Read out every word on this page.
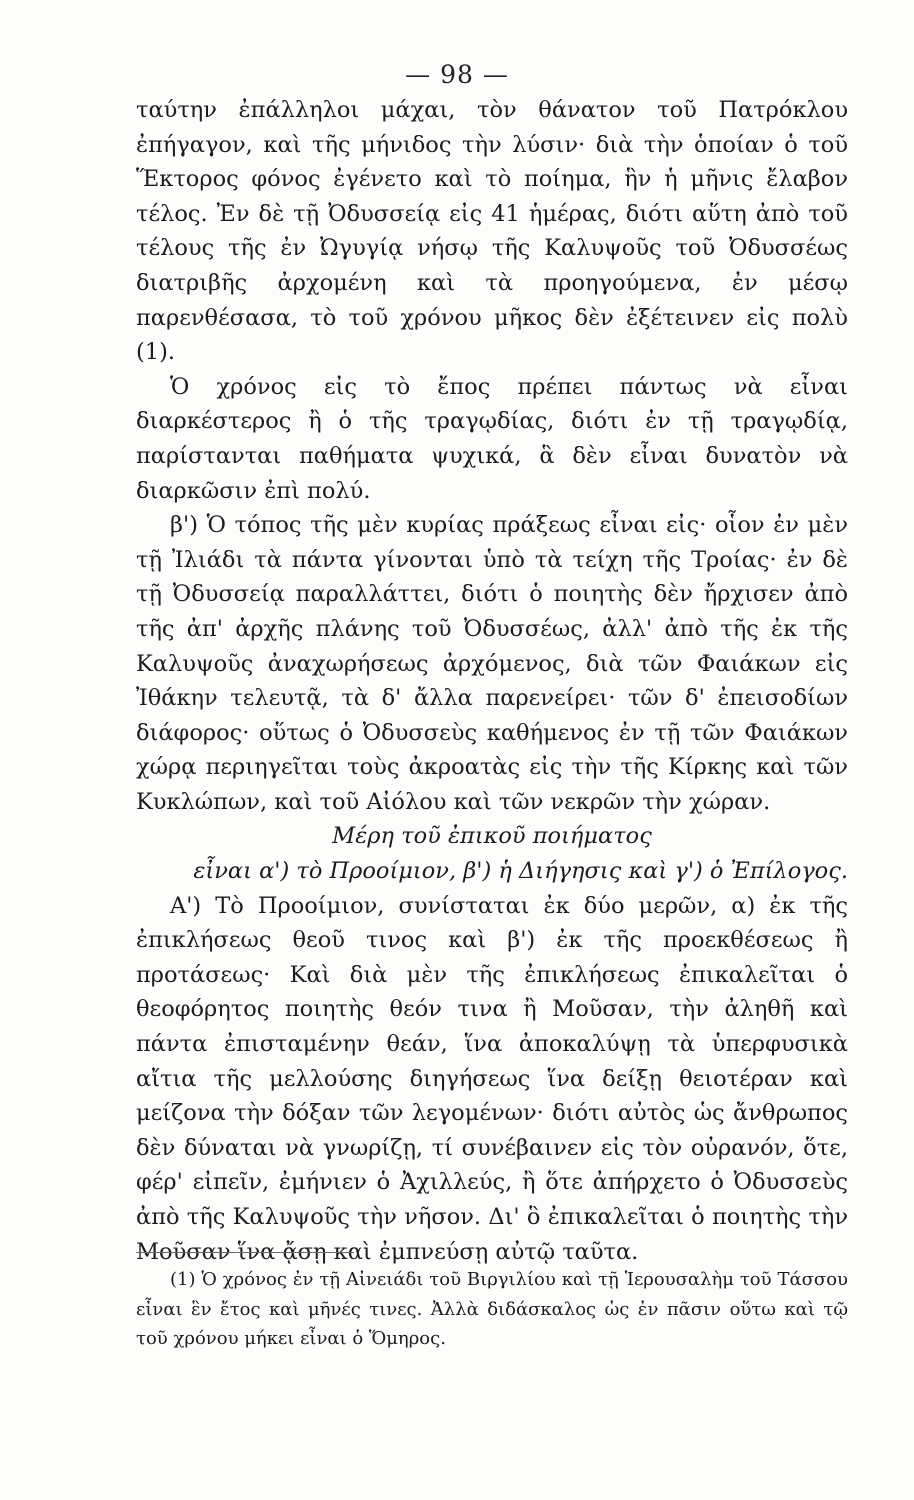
— 98 —

ταύτην ἐπάλληλοι μάχαι, τὸν θάνατον τοῦ Πατρόκλου ἐπήγαγον, καὶ τῆς μήνιδος τὴν λύσιν· διὰ τὴν ὁποίαν ὁ τοῦ Ἕκτορος φόνος ἐγένετο καὶ τὸ ποίημα, ἣν ἡ μῆνις ἔλαβον τέλος. Ἐν δὲ τῇ Ὀδυσσείᾳ εἰς 41 ἡμέρας, διότι αὕτη ἀπὸ τοῦ τέλους τῆς ἐν Ὠγυγίᾳ νήσῳ τῆς Καλυψοῦς τοῦ Ὀδυσσέως διατριβῆς ἀρχομένη καὶ τὰ προηγούμενα, ἐν μέσῳ παρενθέσασα, τὸ τοῦ χρόνου μῆκος δὲν ἐξέτεινεν εἰς πολὺ (1).

Ὁ χρόνος εἰς τὸ ἔπος πρέπει πάντως νὰ εἶναι διαρκέστερος ἢ ὁ τῆς τραγῳδίας, διότι ἐν τῇ τραγῳδίᾳ, παρίστανται παθήματα ψυχικά, ἃ δὲν εἶναι δυνατὸν νὰ διαρκῶσιν ἐπὶ πολύ.

β') Ὁ τόπος τῆς μὲν κυρίας πράξεως εἶναι εἰς· οἷον ἐν μὲν τῇ Ἰλιάδι τὰ πάντα γίνονται ὑπὸ τὰ τείχη τῆς Τροίας· ἐν δὲ τῇ Ὀδυσσείᾳ παραλλάττει, διότι ὁ ποιητὴς δὲν ἤρχισεν ἀπὸ τῆς ἀπ' ἀρχῆς πλάνης τοῦ Ὀδυσσέως, ἀλλ' ἀπὸ τῆς ἐκ τῆς Καλυψοῦς ἀναχωρήσεως ἀρχόμενος, διὰ τῶν Φαιάκων εἰς Ἰθάκην τελευτᾷ, τὰ δ' ἄλλα παρενείρει· τῶν δ' ἐπεισοδίων διάφορος· οὕτως ὁ Ὀδυσσεὺς καθήμενος ἐν τῇ τῶν Φαιάκων χώρᾳ περιηγεῖται τοὺς ἀκροατὰς εἰς τὴν τῆς Κίρκης καὶ τῶν Κυκλώπων, καὶ τοῦ Αἰόλου καὶ τῶν νεκρῶν τὴν χώραν.

Μέρη τοῦ ἐπικοῦ ποιήματος

εἶναι α') τὸ Προοίμιον, β') ἡ Διήγησις καὶ γ') ὁ Ἐπίλογος.

Α') Τὸ Προοίμιον, συνίσταται ἐκ δύο μερῶν, α) ἐκ τῆς ἐπικλήσεως θεοῦ τινος καὶ β') ἐκ τῆς προεκθέσεως ἢ προτάσεως· Καὶ διὰ μὲν τῆς ἐπικλήσεως ἐπικαλεῖται ὁ θεοφόρητος ποιητὴς θεόν τινα ἢ Μοῦσαν, τὴν ἀληθῆ καὶ πάντα ἐπισταμένην θεάν, ἵνα ἀποκαλύψῃ τὰ ὑπερφυσικὰ αἴτια τῆς μελλούσης διηγήσεως ἵνα δείξῃ θειοτέραν καὶ μείζονα τὴν δόξαν τῶν λεγομένων· διότι αὐτὸς ὡς ἄνθρωπος δὲν δύναται νὰ γνωρίζῃ, τί συνέβαινεν εἰς τὸν οὐρανόν, ὅτε, φέρ' εἰπεῖν, ἐμήνιεν ὁ Ἀχιλλεύς, ἢ ὅτε ἀπήρχετο ὁ Ὀδυσσεὺς ἀπὸ τῆς Καλυψοῦς τὴν νῆσον. Δι' ὃ ἐπικαλεῖται ὁ ποιητὴς τὴν Μοῦσαν ἵνα ᾄσῃ καὶ ἐμπνεύσῃ αὐτῷ ταῦτα.

(1) Ὁ χρόνος ἐν τῇ Αἰνειάδι τοῦ Βιργιλίου καὶ τῇ Ἱερουσαλὴμ τοῦ Τάσσου εἶναι ἓν ἔτος καὶ μῆνές τινες. Ἀλλὰ διδάσκαλος ὡς ἐν πᾶσιν οὕτω καὶ τῷ τοῦ χρόνου μήκει εἶναι ὁ Ὅμηρος.
